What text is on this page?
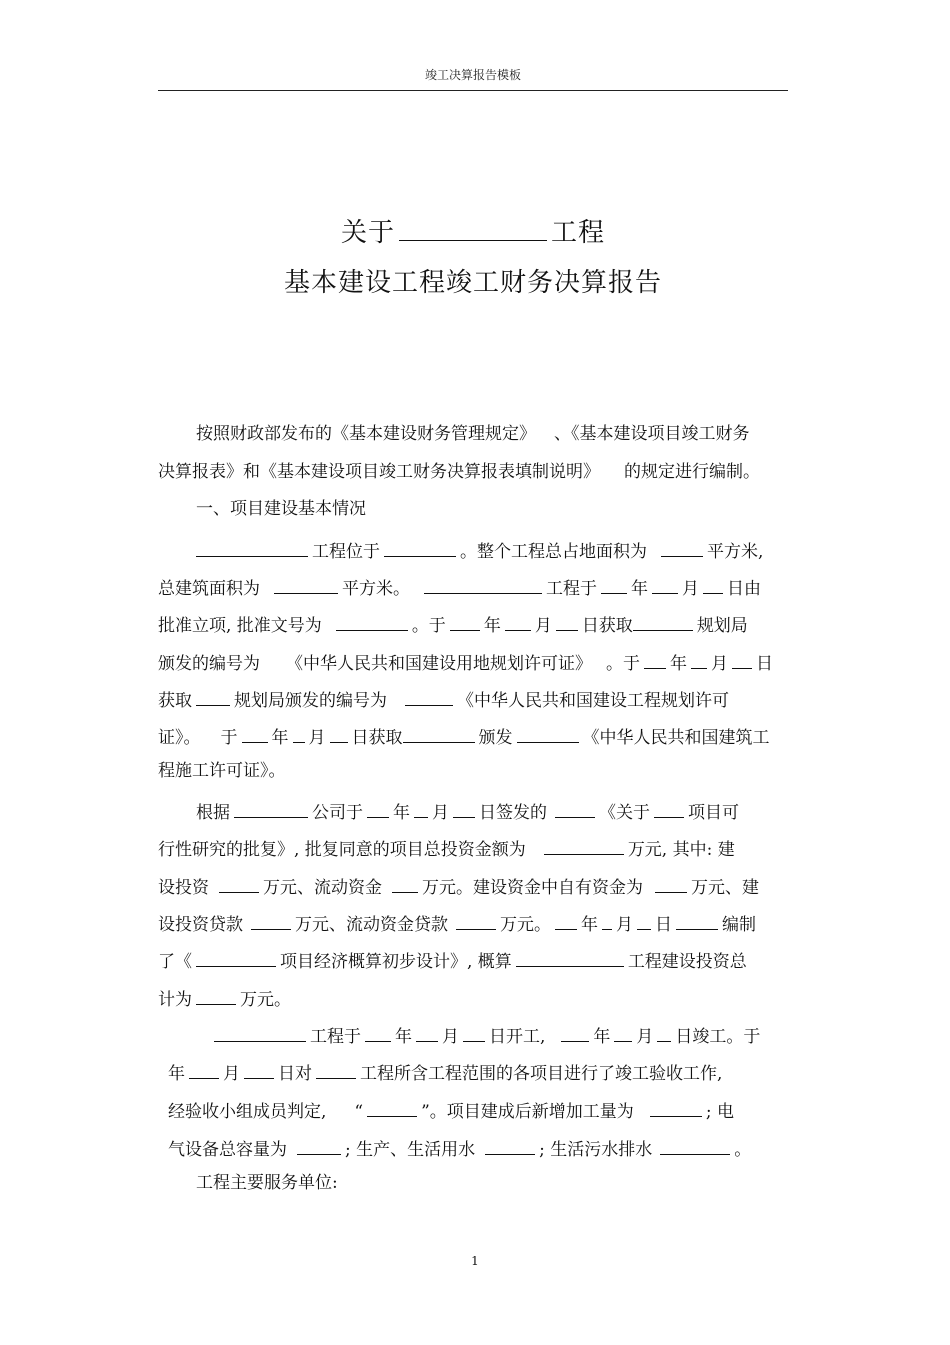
竣工决算报告模板
关于	工程
基本建设工程竣工财务决算报告
按照财政部发布的《基本建设财务管理规定》 、《基本建设项目竣工财务
决算报表》和《基本建设项目竣工财务决算报表填制说明》 的规定进行编制。
一、项目建设基本情况
工程位于	。整个工程总占地面积为	平方米,
总建筑面积为	平方米。	工程于 年 月 日由
批准立项, 批准文号为	。于 年 月 日获取	规划局
颁发的编号为 《中华人民共和国建设用地规划许可证》 。于 年 月 日
获取 规划局颁发的编号为	《中华人民共和国建设工程规划许可
证》。 于 年 月 日获取	颁发	《中华人民共和国建筑工
程施工许可证》。
根据	公司于 年 月 日签发的	《关于 项目可
行性研究的批复》, 批复同意的项目总投资金额为	万元, 其中: 建
设投资	万元、流动资金 万元。建设资金中自有资金为	万元、建
设投资贷款	万元、流动资金贷款	万元。 年 月 日	编制
了《	项目经济概算初步设计》, 概算	工程建设投资总
计为	万元。
工程于 年 月 日开工,	年 月 日竣工。于
年 月 日对	工程所含工程范围的各项目进行了竣工验收工作,
经验收小组成员判定, “	”。项目建成后新增加工量为	; 电
气设备总容量为	; 生产、生活用水	; 生活污水排水	。
工程主要服务单位:
1
